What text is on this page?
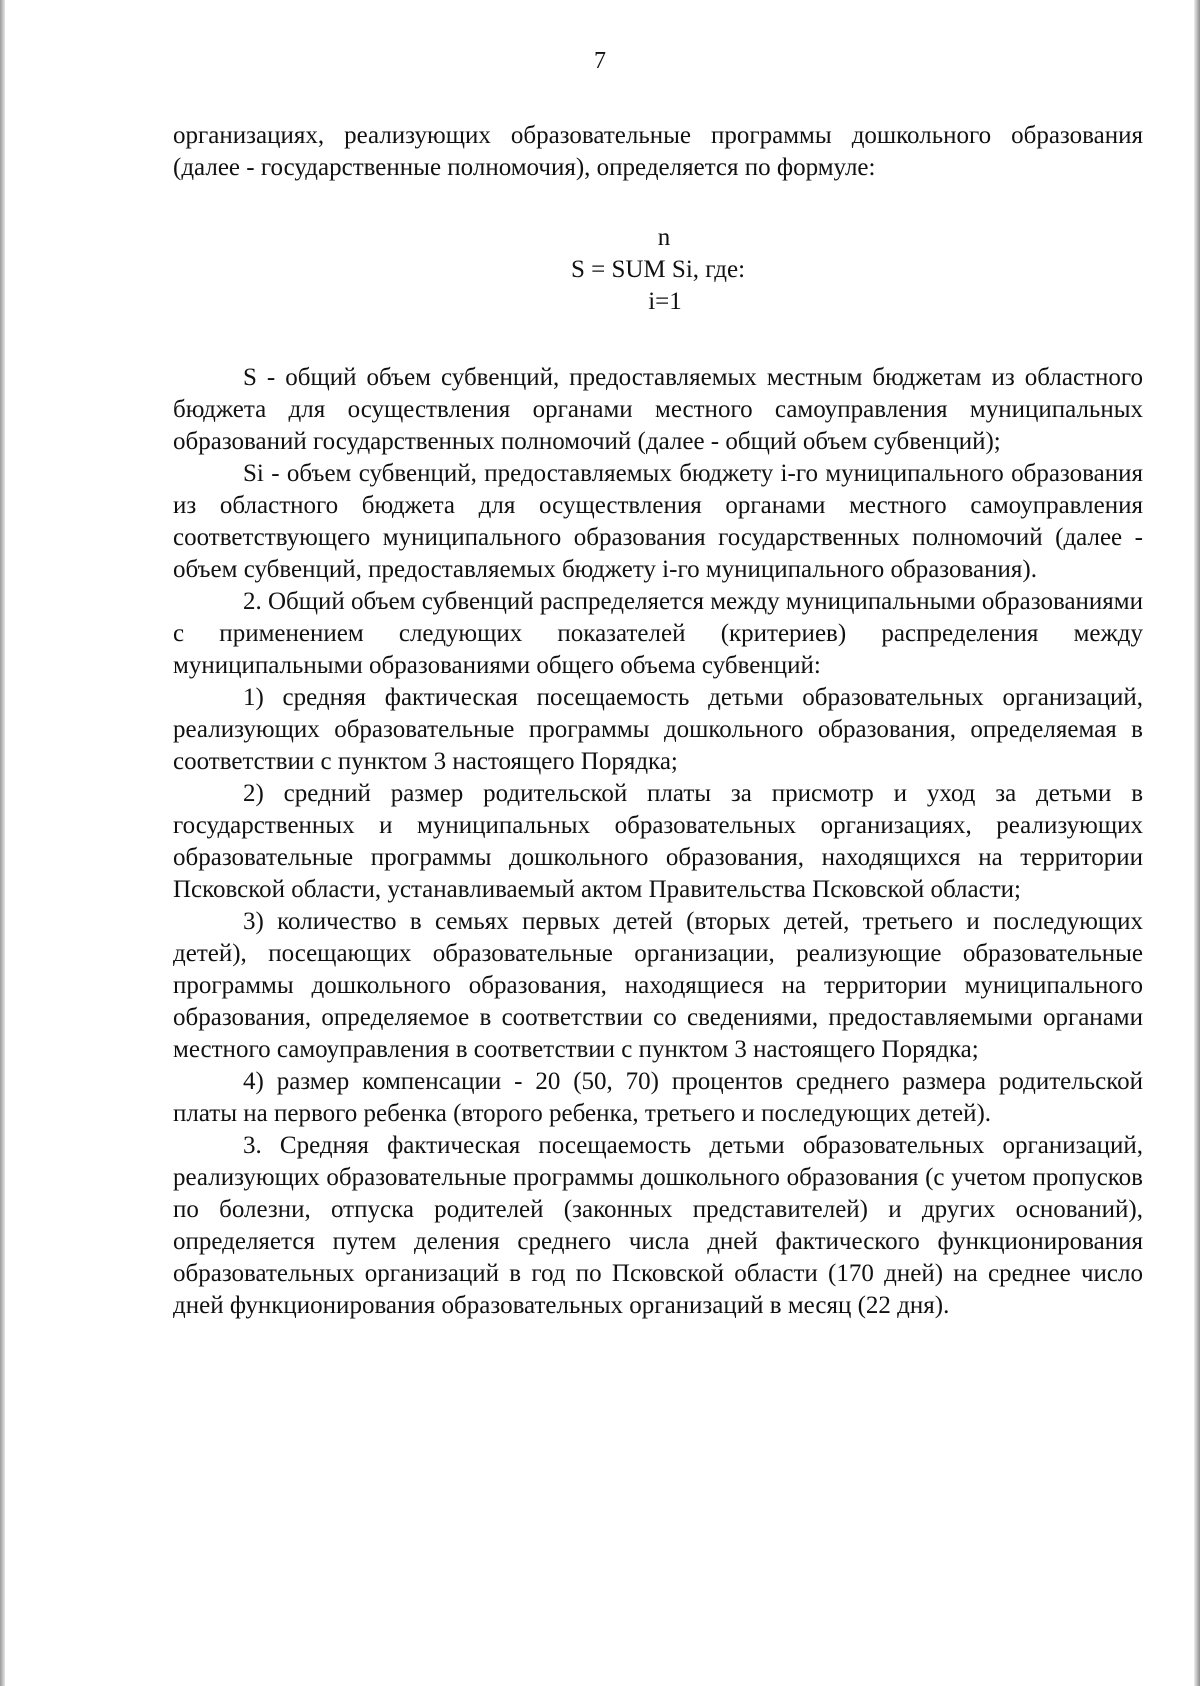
7

организациях, реализующих образовательные программы дошкольного образования (далее - государственные полномочия), определяется по формуле:

n
S = SUM Si, где:
i=1

S - общий объем субвенций, предоставляемых местным бюджетам из областного бюджета для осуществления органами местного самоуправления муниципальных образований государственных полномочий (далее - общий объем субвенций);

Si - объем субвенций, предоставляемых бюджету i-го муниципального образования из областного бюджета для осуществления органами местного самоуправления соответствующего муниципального образования государственных полномочий (далее - объем субвенций, предоставляемых бюджету i-го муниципального образования).

2. Общий объем субвенций распределяется между муниципальными образованиями с применением следующих показателей (критериев) распределения между муниципальными образованиями общего объема субвенций:

1) средняя фактическая посещаемость детьми образовательных организаций, реализующих образовательные программы дошкольного образования, определяемая в соответствии с пунктом 3 настоящего Порядка;

2) средний размер родительской платы за присмотр и уход за детьми в государственных и муниципальных образовательных организациях, реализующих образовательные программы дошкольного образования, находящихся на территории Псковской области, устанавливаемый актом Правительства Псковской области;

3) количество в семьях первых детей (вторых детей, третьего и последующих детей), посещающих образовательные организации, реализующие образовательные программы дошкольного образования, находящиеся на территории муниципального образования, определяемое в соответствии со сведениями, предоставляемыми органами местного самоуправления в соответствии с пунктом 3 настоящего Порядка;

4) размер компенсации - 20 (50, 70) процентов среднего размера родительской платы на первого ребенка (второго ребенка, третьего и последующих детей).

3. Средняя фактическая посещаемость детьми образовательных организаций, реализующих образовательные программы дошкольного образования (с учетом пропусков по болезни, отпуска родителей (законных представителей) и других оснований), определяется путем деления среднего числа дней фактического функционирования образовательных организаций в год по Псковской области (170 дней) на среднее число дней функционирования образовательных организаций в месяц (22 дня).
